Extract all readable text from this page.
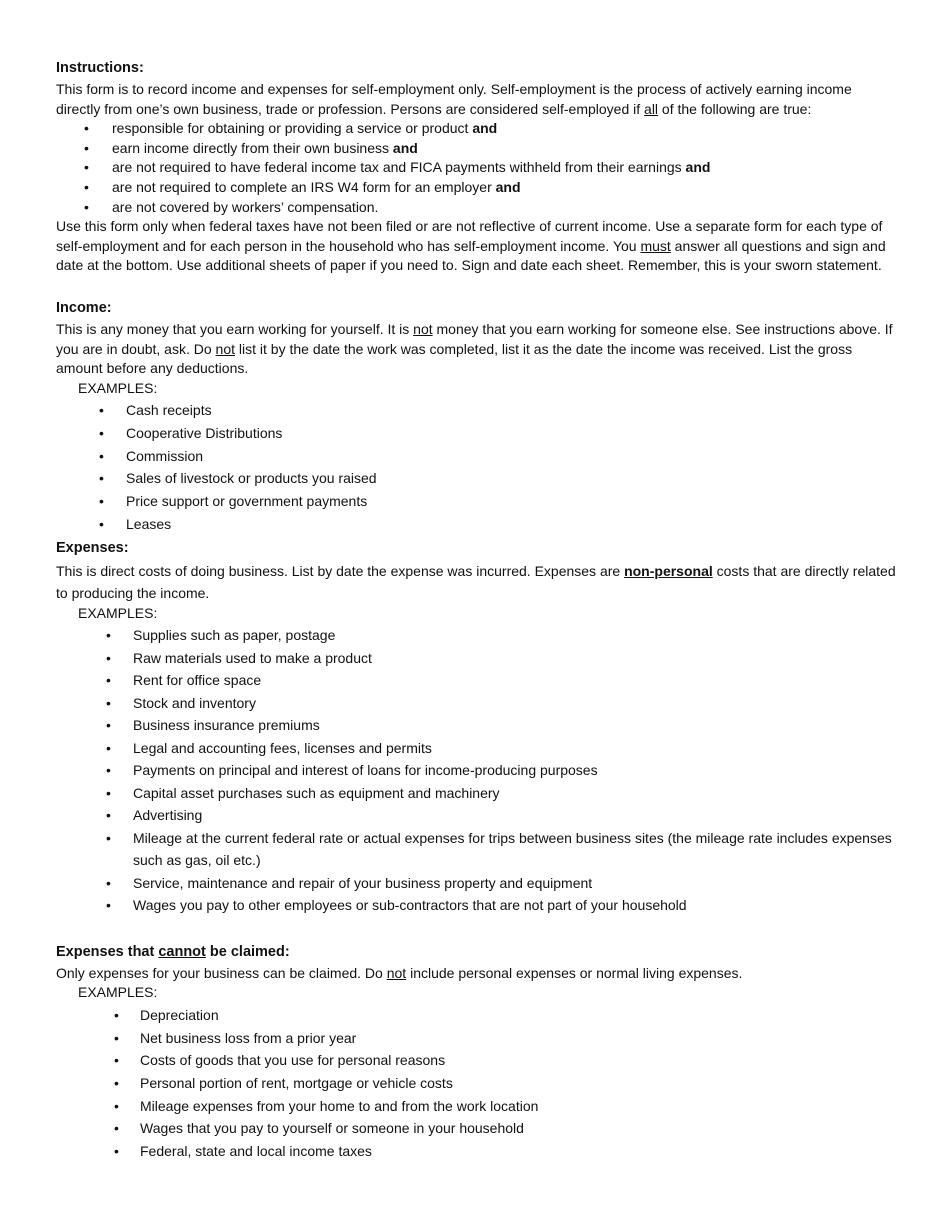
Instructions:

This form is to record income and expenses for self-employment only. Self-employment is the process of actively earning income directly from one’s own business, trade or profession. Persons are considered self-employed if all of the following are true:

• responsible for obtaining or providing a service or product and
• earn income directly from their own business and
• are not required to have federal income tax and FICA payments withheld from their earnings and
• are not required to complete an IRS W4 form for an employer and
• are not covered by workers’ compensation.

Use this form only when federal taxes have not been filed or are not reflective of current income. Use a separate form for each type of self-employment and for each person in the household who has self-employment income. You must answer all questions and sign and date at the bottom. Use additional sheets of paper if you need to. Sign and date each sheet. Remember, this is your sworn statement.

Income:

This is any money that you earn working for yourself. It is not money that you earn working for someone else. See instructions above. If you are in doubt, ask. Do not list it by the date the work was completed, list it as the date the income was received. List the gross amount before any deductions.

EXAMPLES:

• Cash receipts
• Cooperative Distributions
• Commission
• Sales of livestock or products you raised
• Price support or government payments
• Leases
Expenses:

This is direct costs of doing business. List by date the expense was incurred. Expenses are non-personal costs that are directly related to producing the income.

EXAMPLES:

• Supplies such as paper, postage
• Raw materials used to make a product
• Rent for office space
• Stock and inventory
• Business insurance premiums
• Legal and accounting fees, licenses and permits
• Payments on principal and interest of loans for income-producing purposes
• Capital asset purchases such as equipment and machinery
• Advertising
• Mileage at the current federal rate or actual expenses for trips between business sites (the mileage rate includes expenses such as gas, oil etc.)
• Service, maintenance and repair of your business property and equipment
• Wages you pay to other employees or sub-contractors that are not part of your household
Expenses that cannot be claimed:

Only expenses for your business can be claimed. Do not include personal expenses or normal living expenses.

EXAMPLES:

• Depreciation
• Net business loss from a prior year
• Costs of goods that you use for personal reasons
• Personal portion of rent, mortgage or vehicle costs
• Mileage expenses from your home to and from the work location
• Wages that you pay to yourself or someone in your household
• Federal, state and local income taxes
